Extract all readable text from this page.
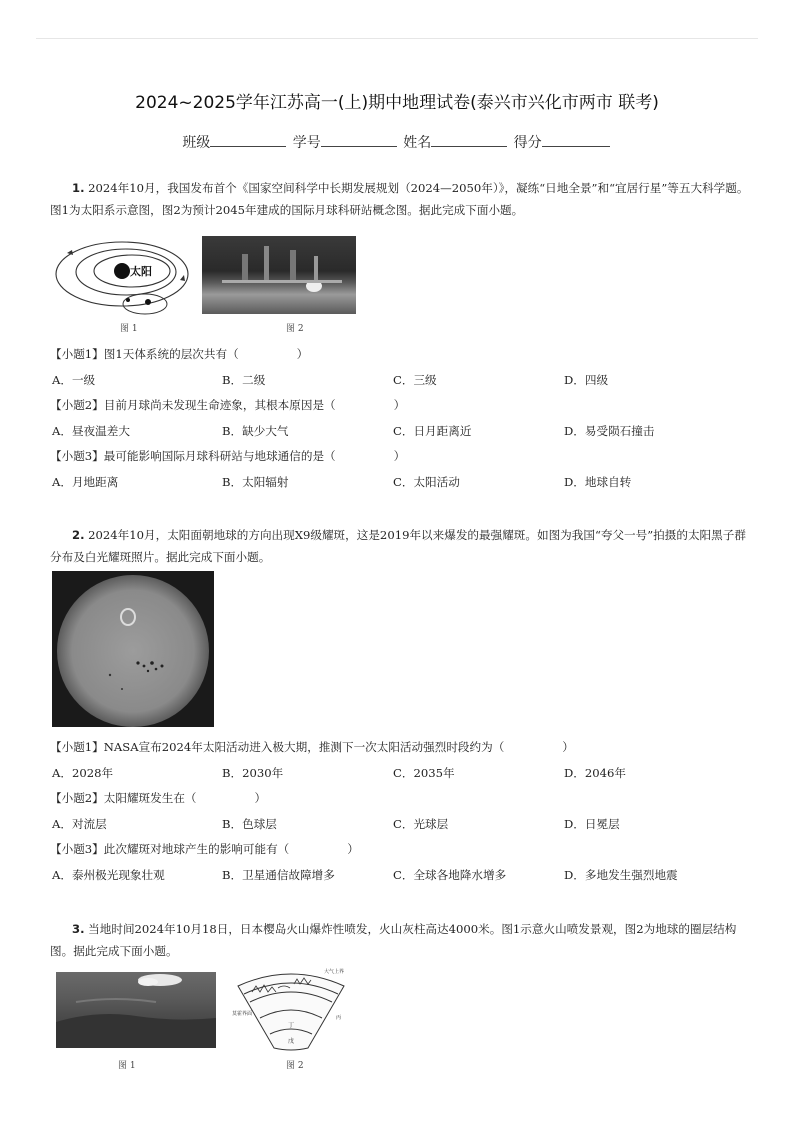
2024~2025学年江苏高一(上)期中地理试卷(泰兴市兴化市两市 联考)
班级	学号	姓名	得分
1. 2024年10月，我国发布首个《国家空间科学中长期发展规划（2024—2050年）》，凝练“日地全景”和“宜居行星”等五大科学题。图1为太阳系示意图，图2为预计2045年建成的国际月球科研站概念图。据此完成下面小题。
太阳
图 1	图 2
【小题1】图1天体系统的层次共有（　　　　　）
A．一级	B．二级	C．三级	D．四级
【小题2】目前月球尚未发现生命迹象，其根本原因是（　　　　　）
A．昼夜温差大	B．缺少大气	C．日月距离近	D．易受陨石撞击
【小题3】最可能影响国际月球科研站与地球通信的是（　　　　　）
A．月地距离	B．太阳辐射	C．太阳活动	D．地球自转
2. 2024年10月，太阳面朝地球的方向出现X9级耀斑，这是2019年以来爆发的最强耀斑。如图为我国“夸父一号”拍摄的太阳黑子群分布及白光耀斑照片。据此完成下面小题。
【小题1】NASA宣布2024年太阳活动进入极大期，推测下一次太阳活动强烈时段约为（　　　　　）
A．2028年	B．2030年	C．2035年	D．2046年
【小题2】太阳耀斑发生在（　　　　　）
A．对流层	B．色球层	C．光球层	D．日冕层
【小题3】此次耀斑对地球产生的影响可能有（　　　　　）
A．泰州极光现象壮观	B．卫星通信故障增多	C．全球各地降水增多	D．多地发生强烈地震
3. 当地时间2024年10月18日，日本樱岛火山爆炸性喷发，火山灰柱高达4000米。图1示意火山喷发景观，图2为地球的圈层结构图。据此完成下面小题。
图 1
大气上界
莫霍界面
丙
丁
戊
图 2
